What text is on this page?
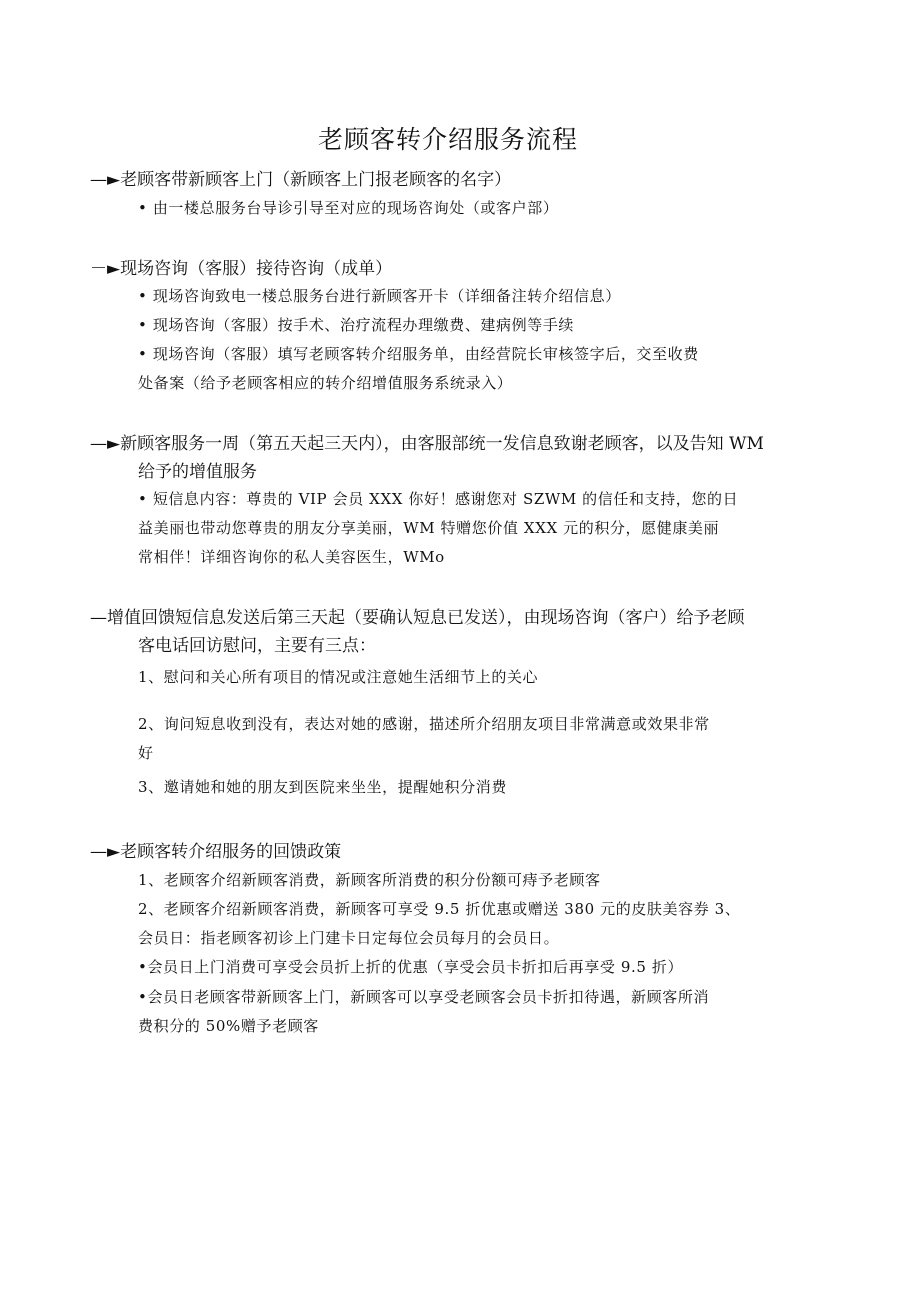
老顾客转介绍服务流程
—►老顾客带新顾客上门（新顾客上门报老顾客的名字）
• 由一楼总服务台导诊引导至对应的现场咨询处（或客户部）
－►现场咨询（客服）接待咨询（成单）
• 现场咨询致电一楼总服务台进行新顾客开卡（详细备注转介绍信息）
• 现场咨询（客服）按手术、治疗流程办理缴费、建病例等手续
• 现场咨询（客服）填写老顾客转介绍服务单，由经营院长审核签字后，交至收费
处备案（给予老顾客相应的转介绍增值服务系统录入）
—►新顾客服务一周（第五天起三天内），由客服部统一发信息致谢老顾客，以及告知 WM
给予的增值服务
• 短信息内容：尊贵的 VIP 会员 XXX 你好！感谢您对 SZWM 的信任和支持，您的日
益美丽也带动您尊贵的朋友分享美丽，WM 特赠您价值 XXX 元的积分，愿健康美丽
常相伴！详细咨询你的私人美容医生，WMo
—增值回馈短信息发送后第三天起（要确认短息已发送），由现场咨询（客户）给予老顾
客电话回访慰问，主要有三点：
1、慰问和关心所有项目的情况或注意她生活细节上的关心
2、询问短息收到没有，表达对她的感谢，描述所介绍朋友项目非常满意或效果非常
好
3、邀请她和她的朋友到医院来坐坐，提醒她积分消费
—►老顾客转介绍服务的回馈政策
1、老顾客介绍新顾客消费，新顾客所消费的积分份额可痔予老顾客
2、老顾客介绍新顾客消费，新顾客可享受 9.5 折优惠或赠送 380 元的皮肤美容券 3、
会员日：指老顾客初诊上门建卡日定每位会员每月的会员日。
•会员日上门消费可享受会员折上折的优惠（享受会员卡折扣后再享受 9.5 折）
•会员日老顾客带新顾客上门，新顾客可以享受老顾客会员卡折扣待遇，新顾客所消
费积分的 50%赠予老顾客
